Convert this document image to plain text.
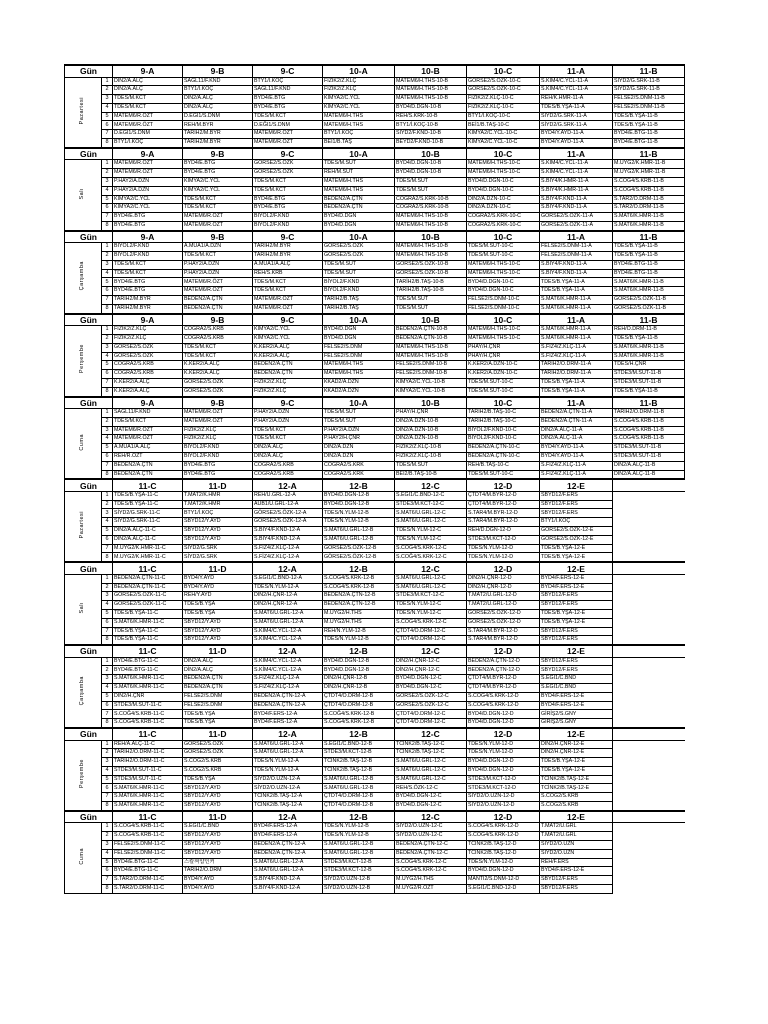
Gün		9-A	9-B	9-C	10-A	10-B	10-C	11-A	11-B
Pazartesi	1	DİN2/A.ALÇ	SAĞL11/F.KND	BTY1/İ.KOÇ	FİZİK2/Z.KLÇ	MATEM6/H.THS-10-B	GÖRSE2/S.ÖZK-10-C	S.KİM4/C.YCL-11-A	SİYD2/G.SRK-11-B
	2	DİN2/A.ALÇ	BTY1/İ.KOÇ	SAĞL11/F.KND	FİZİK2/Z.KLÇ	MATEM6/H.THS-10-B	GÖRSE2/S.ÖZK-10-C	S.KİM4/C.YCL-11-A	SİYD2/G.SRK-11-B
	3	TDES/M.KCT	DİN2/A.ALÇ	BYD4/E.BTG	KİMYA2/C.YCL	MATEM6/H.THS-10-B	FİZİK2/Z.KLÇ-10-C	REH/K.HMR-11-A	FELSE2/S.DNM-11-B
	4	TDES/M.KCT	DİN2/A.ALÇ	BYD4/E.BTG	KİMYA2/C.YCL	BYD4/D.DGN-10-B	FİZİK2/Z.KLÇ-10-C	TDES/B.YŞA-11-A	FELSE2/S.DNM-11-B
	5	MATEM6/R.ÖZT	D.EĞI1/S.DNM	TDES/M.KCT	MATEM6/H.THS	REH/S.KRK-10-B	BTY1/İ.KOÇ-10-C	SİYD2/G.SRK-11-A	TDES/B.YŞA-11-B
	6	MATEM6/R.ÖZT	REH/M.BYR	D.EĞI1/S.DNM	MATEM6/H.THS	BTY1/İ.KOÇ-10-B	BEİ1/B.TAŞ-10-C	SİYD2/G.SRK-11-A	TDES/B.YŞA-11-B
	7	D.EĞI1/S.DNM	TARİH2/M.BYR	MATEM6/R.ÖZT	BTY1/İ.KOÇ	SİYD2/F.KND-10-B	KİMYA2/C.YCL-10-C	BYD4/Y.AYD-11-A	BYD4/E.BTG-11-B
	8	BTY1/İ.KOÇ	TARİH2/M.BYR	MATEM6/R.ÖZT	BEİ1/B.TAŞ	BEYD2/F.KND-10-B	KİMYA2/C.YCL-10-C	BYD4/Y.AYD-11-A	BYD4/E.BTG-11-B
Gün		9-A	9-B	9-C	10-A	10-B	10-C	11-A	11-B
Salı	1	MATEM6/R.ÖZT	BYD4/E.BTG	GÖRSE2/S.ÖZK	TDES/M.SUT	BYD4/D.DGN-10-B	MATEM6/H.THS-10-C	S.KİM4/C.YCL-11-A	M.UYG2/K.HMR-11-B
	2	MATEM6/R.ÖZT	BYD4/E.BTG	GÖRSE2/S.ÖZK	REH/M.SUT	BYD4/D.DGN-10-B	MATEM6/H.THS-10-C	S.KİM4/C.YCL-11-A	M.UYG2/K.HMR-11-B
	3	P.HAY2/A.DZN	KİMYA2/C.YCL	TDES/M.KCT	MATEM6/H.THS	TDES/M.SUT	BYD4/D.DGN-10-C	S.BİY4/K.HMR-11-A	S.COĞ4/S.KRB-11-B
	4	P.HAY2/A.DZN	KİMYA2/C.YCL	TDES/M.KCT	MATEM6/H.THS	TDES/M.SUT	BYD4/D.DGN-10-C	S.BİY4/K.HMR-11-A	S.COĞ4/S.KRB-11-B
	5	KİMYA2/C.YCL	TDES/M.KCT	BYD4/E.BTG	BEDEN2/A.ÇTN	COĞRA2/S.KRK-10-B	DİN2/A.DZN-10-C	S.BİY4/F.KND-11-A	S.TAR2/O.DRM-11-B
	6	KİMYA2/C.YCL	TDES/M.KCT	BYD4/E.BTG	BEDEN2/A.ÇTN	COĞRA2/S.KRK-10-B	DİN2/A.DZN-10-C	S.BİY4/F.KND-11-A	S.TAR2/O.DRM-11-B
	7	BYD4/E.BTG	MATEM6/R.ÖZT	BİYOL2/F.KND	BYD4/D.DGN	MATEM6/H.THS-10-B	COĞRA2/S.KRK-10-C	GÖRSE2/S.ÖZK-11-A	S.MAT6/K.HMR-11-B
	8	BYD4/E.BTG	MATEM6/R.ÖZT	BİYOL2/F.KND	BYD4/D.DGN	MATEM6/H.THS-10-B	COĞRA2/S.KRK-10-C	GÖRSE2/S.ÖZK-11-A	S.MAT6/K.HMR-11-B
Gün		9-A	9-B	9-C	10-A	10-B	10-C	11-A	11-B
Çarşamba	1	BİYOL2/F.KND	A.MUA1/A.DZN	TARİH2/M.BYR	GÖRSE2/S.ÖZK	MATEM6/H.THS-10-B	TDES/M.SUT-10-C	FELSE2/S.DNM-11-A	TDES/B.YŞA-11-B
	2	BİYOL2/F.KND	TDES/M.KCT	TARİH2/M.BYR	GÖRSE2/S.ÖZK	MATEM6/H.THS-10-B	TDES/M.SUT-10-C	FELSE2/S.DNM-11-A	TDES/B.YŞA-11-B
	3	TDES/M.KCT	P.HAY2/A.DZN	A.MUA1/A.ALÇ	TDES/M.SUT	GÖRSE2/S.ÖZK-10-B	MATEM6/H.THS-10-C	S.BİY4/F.KND-11-A	BYD4/E.BTG-11-B
	4	TDES/M.KCT	P.HAY2/A.DZN	REH/S.KRB	TDES/M.SUT	GÖRSE2/S.ÖZK-10-B	MATEM6/H.THS-10-C	S.BİY4/F.KND-11-A	BYD4/E.BTG-11-B
	5	BYD4/E.BTG	MATEM6/R.ÖZT	TDES/M.KCT	BİYOL2/F.KND	TARİH2/B.TAŞ-10-B	BYD4/D.DGN-10-C	TDES/B.YŞA-11-A	S.MAT6/K.HMR-11-B
	6	BYD4/E.BTG	MATEM6/R.ÖZT	TDES/M.KCT	BİYOL2/F.KND	TARİH2/B.TAŞ-10-B	BYD4/D.DGN-10-C	TDES/B.YŞA-11-A	S.MAT6/K.HMR-11-B
	7	TARİH2/M.BYR	BEDEN2/A.ÇTN	MATEM6/R.ÖZT	TARİH2/B.TAŞ	TDES/M.SUT	FELSE2/S.DNM-10-C	S.MAT6/K.HMR-11-A	GÖRSE2/S.ÖZK-11-B
	8	TARİH2/M.BYR	BEDEN2/A.ÇTN	MATEM6/R.ÖZT	TARİH2/B.TAŞ	TDES/M.SUT	FELSE2/S.DNM-10-C	S.MAT6/K.HMR-11-A	GÖRSE2/S.ÖZK-11-B
Gün		9-A	9-B	9-C	10-A	10-B	10-C	11-A	11-B
Perşembe	1	FİZİK2/Z.KLÇ	COĞRA2/S.KRB	KİMYA2/C.YCL	BYD4/D.DGN	BEDEN2/A.ÇTN-10-B	MATEM6/H.THS-10-C	S.MAT6/K.HMR-11-A	REH/O.DRM-11-B
	2	FİZİK2/Z.KLÇ	COĞRA2/S.KRB	KİMYA2/C.YCL	BYD4/D.DGN	BEDEN2/A.ÇTN-10-B	MATEM6/H.THS-10-C	S.MAT6/K.HMR-11-A	TDES/B.YŞA-11-B
	3	GÖRSE2/S.ÖZK	TDES/M.KCT	K.KER2/A.ALÇ	FELSE2/S.DNM	MATEM6/H.THS-10-B	PHAY/H.ÇNR	S.FİZ4/Z.KLÇ-11-A	S.MAT6/K.HMR-11-B
	4	GÖRSE2/S.ÖZK	TDES/M.KCT	K.KER2/A.ALÇ	FELSE2/S.DNM	MATEM6/H.THS-10-B	PHAY/H.ÇNR	S.FİZ4/Z.KLÇ-11-A	S.MAT6/K.HMR-11-B
	5	COĞRA2/S.KRB	K.KER2/A.ALÇ	BEDEN2/A.ÇTN	MATEM6/H.THS	FELSE2/S.DNM-10-B	K.KER2/A.DZN-10-C	TARİH2/O.DRM-11-A	TDES/H.ÇNR
	6	COĞRA2/S.KRB	K.KER2/A.ALÇ	BEDEN2/A.ÇTN	MATEM6/H.THS	FELSE2/S.DNM-10-B	K.KER2/A.DZN-10-C	TARİH2/O.DRM-11-A	STDE3/M.SUT-11-B
	7	K.KER2/A.ALÇ	GÖRSE2/S.ÖZK	FİZİK2/Z.KLÇ	KKAD2/A.DZN	KİMYA2/C.YCL-10-B	TDES/M.SUT-10-C	TDES/B.YŞA-11-A	STDE3/M.SUT-11-B
	8	K.KER2/A.ALÇ	GÖRSE2/S.ÖZK	FİZİK2/Z.KLÇ	KKAD2/A.DZN	KİMYA2/C.YCL-10-B	TDES/M.SUT-10-C	TDES/B.YŞA-11-A	TDES/B.YŞA-11-B
Gün		9-A	9-B	9-C	10-A	10-B	10-C	11-A	11-B
Cuma	1	SAĞL11/F.KND	MATEM6/R.ÖZT	P.HAY2/A.DZN	TDES/M.SUT	PHAY/H.ÇNR	TARİH2/B.TAŞ-10-C	BEDEN2/A.ÇTN-11-A	TARİH2/O.DRM-11-B
	2	TDES/M.KCT	MATEM6/R.ÖZT	P.HAY2/A.DZN	TDES/M.SUT	DİN2/A.DZN-10-B	TARİH2/B.TAŞ-10-C	BEDEN2/A.ÇTN-11-A	S.COĞ4/S.KRB-11-B
	3	MATEM6/R.ÖZT	FİZİK2/Z.KLÇ	TDES/M.KCT	P.HAY2/A.DZN	DİN2/A.DZN-10-B	BİYOL2/F.KND-10-C	DİN2/A.ALÇ-11-A	S.COĞ4/S.KRB-11-B
	4	MATEM6/R.ÖZT	FİZİK2/Z.KLÇ	TDES/M.KCT	P.HAY2/H.ÇNR	DİN2/A.DZN-10-B	BİYOL2/F.KND-10-C	DİN2/A.ALÇ-11-A	S.COĞ4/S.KRB-11-B
	5	A.MUA1/A.ALÇ	BİYOL2/F.KND	DİN2/A.ALÇ	DİN2/A.DZN	FİZİK2/Z.KLÇ-10-B	BEDEN2/A.ÇTN-10-C	BYD4/Y.AYD-11-A	STDE3/M.SUT-11-B
	6	REH/R.ÖZT	BİYOL2/F.KND	DİN2/A.ALÇ	DİN2/A.DZN	FİZİK2/Z.KLÇ-10-B	BEDEN2/A.ÇTN-10-C	BYD4/Y.AYD-11-A	STDE3/M.SUT-11-B
	7	BEDEN2/A.ÇTN	BYD4/E.BTG	COĞRA2/S.KRB	COĞRA2/S.KRK	TDES/M.SUT	REH/B.TAŞ-10-C	S.FİZ4/Z.KLÇ-11-A	DİN2/A.ALÇ-11-B
	8	BEDEN2/A.ÇTN	BYD4/E.BTG	COĞRA2/S.KRB	COĞRA2/S.KRK	BEİ2/B.TAŞ-10-B	TDES/M.SUT-10-C	S.FİZ4/Z.KLÇ-11-A	DİN2/A.ALÇ-11-B
Gün		11-C	11-D	12-A	12-B	12-C	12-D	12-E	
Pazartesi	1	TDES/B.YŞA-11-C	T.MAT2/K.HMR	REH/U.GRL-12-A	BYD4/D.DGN-12-B	S.EĞI1/C.BND-12-C	ÇTDT4/M.BYR-12-D	SBYD12/F.ERS	
	2	TDES/B.YŞA-11-C	T.MAT2/K.HMR	AUB1/U.GRL-12-A	BYD4/D.DGN-12-B	STDE3/M.KCT-12-C	ÇTDT4/M.BYR-12-D	SBYD12/F.ERS	
	3	SİYD2/G.SRK-11-C	BTY1/İ.KOÇ	GÖRSE2/S.ÖZK-12-A	TDES/N.YLM-12-B	S.MAT6/U.GRL-12-C	S.TAR4/M.BYR-12-D	SBYD12/F.ERS	
	4	SİYD2/G.SRK-11-C	SBYD12/Y.AYD	GÖRSE2/S.ÖZK-12-A	TDES/N.YLM-12-B	S.MAT6/U.GRL-12-C	S.TAR4/M.BYR-12-D	BTY1/İ.KOÇ	
	5	DİN2/A.ALÇ-11-C	SBYD12/Y.AYD	S.BİY4/F.KND-12-A	S.MAT6/U.GRL-12-B	TDES/N.YLM-12-C	REH/D.DGN-12-D	GÖRSE2/S.ÖZK-12-E	
	6	DİN2/A.ALÇ-11-C	SBYD12/Y.AYD	S.BİY4/F.KND-12-A	S.MAT6/U.GRL-12-B	TDES/N.YLM-12-C	STDE3/M.KCT-12-D	GÖRSE2/S.ÖZK-12-E	
	7	M.UYG2/K.HMR-11-C	SİYD2/G.SRK	S.FİZ4/Z.KLÇ-12-A	GÖRSE2/S.ÖZK-12-B	S.COĞ4/S.KRK-12-C	TDES/N.YLM-12-D	TDES/B.YŞA-12-E	
	8	M.UYG2/K.HMR-11-C	SİYD2/G.SRK	S.FİZ4/Z.KLÇ-12-A	GÖRSE2/S.ÖZK-12-B	S.COĞ4/S.KRK-12-C	TDES/N.YLM-12-D	TDES/B.YŞA-12-E	
Gün		11-C	11-D	12-A	12-B	12-C	12-D	12-E	
Salı	1	BEDEN2/A.ÇTN-11-C	BYD4/Y.AYD	S.EĞI1/C.BND-12-A	S.COĞ4/S.KRK-12-B	S.MAT6/U.GRL-12-C	DİN2/H.ÇNR-12-D	BYD4/F.ERS-12-E	
	2	BEDEN2/A.ÇTN-11-C	BYD4/Y.AYD	TDES/N.YLM-12-A	S.COĞ4/S.KRK-12-B	S.MAT6/U.GRL-12-C	DİN2/H.ÇNR-12-D	BYD4/F.ERS-12-E	
	3	GÖRSE2/S.ÖZK-11-C	REH/Y.AYD	DİN2/H.ÇNR-12-A	BEDEN2/A.ÇTN-12-B	STDE3/M.KCT-12-C	T.MAT2/U.GRL-12-D	SBYD12/F.ERS	
	4	GÖRSE2/S.ÖZK-11-C	TDES/B.YŞA	DİN2/H.ÇNR-12-A	BEDEN2/A.ÇTN-12-B	TDES/N.YLM-12-C	T.MAT2/U.GRL-12-D	SBYD12/F.ERS	
	5	TDES/B.YŞA-11-C	TDES/B.YŞA	S.MAT6/U.GRL-12-A	M.UYG2/H.THS	TDES/N.YLM-12-C	GÖRSE2/S.ÖZK-12-D	TDES/B.YŞA-12-E	
	6	S.MAT6/K.HMR-11-C	SBYD12/Y.AYD	S.MAT6/U.GRL-12-A	M.UYG2/H.THS	S.COĞ4/S.KRK-12-C	GÖRSE2/S.ÖZK-12-D	TDES/B.YŞA-12-E	
	7	TDES/B.YŞA-11-C	SBYD12/Y.AYD	S.KİM4/C.YCL-12-A	REH/N.YLM-12-B	ÇTDT4/O.DRM-12-C	S.TAR4/M.BYR-12-D	SBYD12/F.ERS	
	8	TDES/B.YŞA-11-C	SBYD12/Y.AYD	S.KİM4/C.YCL-12-A	TDES/N.YLM-12-B	ÇTDT4/O.DRM-12-C	S.TAR4/M.BYR-12-D	SBYD12/F.ERS	
Gün		11-C	11-D	12-A	12-B	12-C	12-D	12-E	
Çarşamba	1	BYD4/E.BTG-11-C	DİN2/A.ALÇ	S.KİM4/C.YCL-12-A	BYD4/D.DGN-12-B	DİN2/H.ÇNR-12-C	BEDEN2/A.ÇTN-12-D	SBYD12/F.ERS	
	2	BYD4/E.BTG-11-C	DİN2/A.ALÇ	S.KİM4/C.YCL-12-A	BYD4/D.DGN-12-B	DİN2/H.ÇNR-12-C	BEDEN2/A.ÇTN-12-D	SBYD12/F.ERS	
	3	S.MAT6/K.HMR-11-C	BEDEN2/A.ÇTN	S.FİZ4/Z.KLÇ-12-A	DİN2/H.ÇNR-12-B	BYD4/D.DGN-12-C	ÇTDT4/M.BYR-12-D	S.EĞI1/C.BND	
	4	S.MAT6/K.HMR-11-C	BEDEN2/A.ÇTN	S.FİZ4/Z.KLÇ-12-A	DİN2/H.ÇNR-12-B	BYD4/D.DGN-12-C	ÇTDT4/M.BYR-12-D	S.EĞI1/C.BND	
	5	DİN2/H.ÇNR	FELSE2/S.DNM	BEDEN2/A.ÇTN-12-A	ÇTDT4/O.DRM-12-B	GÖRSE2/S.ÖZK-12-C	S.COĞ4/S.KRK-12-D	BYD4/F.ERS-12-E	
	6	STDE3/M.SUT-11-C	FELSE2/S.DNM	BEDEN2/A.ÇTN-12-A	ÇTDT4/O.DRM-12-B	GÖRSE2/S.ÖZK-12-C	S.COĞ4/S.KRK-12-D	BYD4/F.ERS-12-E	
	7	S.COĞ4/S.KRB-11-C	TDES/B.YŞA	BYD4/F.ERS-12-A	S.COĞ4/S.KRK-12-B	ÇTDT4/O.DRM-12-C	BYD4/D.DGN-12-D	GİRİŞ2/S.GNY	
	8	S.COĞ4/S.KRB-11-C	TDES/B.YŞA	BYD4/F.ERS-12-A	S.COĞ4/S.KRK-12-B	ÇTDT4/O.DRM-12-C	BYD4/D.DGN-12-D	GİRİŞ2/S.GNY	
Gün		11-C	11-D	12-A	12-B	12-C	12-D	12-E	
Perşembe	1	REH/A.ALÇ-11-C	GÖRSE2/S.ÖZK	S.MAT6/U.GRL-12-A	S.EĞI1/C.BND-12-B	TCİNK2/B.TAŞ-12-C	TDES/N.YLM-12-D	DİN2/H.ÇNR-12-E	
	2	TARİH2/O.DRM-11-C	GÖRSE2/S.ÖZK	S.MAT6/U.GRL-12-A	STDE3/M.KCT-12-B	TCİNK2/B.TAŞ-12-C	TDES/N.YLM-12-D	DİN2/H.ÇNR-12-E	
	3	TARİH2/O.DRM-11-C	S.COĞ2/S.KRB	TDES/N.YLM-12-A	TCİNK2/B.TAŞ-12-B	S.MAT6/U.GRL-12-C	BYD4/D.DGN-12-D	TDES/B.YŞA-12-E	
	4	STDE3/M.SUT-11-C	S.COĞ2/S.KRB	TDES/N.YLM-12-A	TCİNK2/B.TAŞ-12-B	S.MAT6/U.GRL-12-C	BYD4/D.DGN-12-D	TDES/B.YŞA-12-E	
	5	STDE3/M.SUT-11-C	TDES/B.YŞA	SİYD2/O.UZN-12-A	S.MAT6/U.GRL-12-B	S.MAT6/U.GRL-12-C	STDE3/M.KCT-12-D	TCİNK2/B.TAŞ-12-E	
	6	S.MAT6/K.HMR-11-C	SBYD12/Y.AYD	SİYD2/O.UZN-12-A	S.MAT6/U.GRL-12-B	REH/S.ÖZK-12-C	STDE3/M.KCT-12-D	TCİNK2/B.TAŞ-12-E	
	7	S.MAT6/K.HMR-11-C	SBYD12/Y.AYD	TCİNK2/B.TAŞ-12-A	ÇTDT4/O.DRM-12-B	BYD4/D.DGN-12-C	SİYD2/O.UZN-12-D	S.COĞ2/S.KRB	
	8	S.MAT6/K.HMR-11-C	SBYD12/Y.AYD	TCİNK2/B.TAŞ-12-A	ÇTDT4/O.DRM-12-B	BYD4/D.DGN-12-C	SİYD2/O.UZN-12-D	S.COĞ2/S.KRB	
Gün		11-C	11-D	12-A	12-B	12-C	12-D	12-E	
Cuma	1	S.COĞ4/S.KRB-11-C	S.EĞI1/C.BND	BYD4/F.ERS-12-A	TDES/N.YLM-12-B	SİYD2/O.UZN-12-C	S.COĞ4/S.KRK-12-D	T.MAT2/U.GRL	
	2	S.COĞ4/S.KRB-11-C	SBYD12/Y.AYD	BYD4/F.ERS-12-A	TDES/N.YLM-12-B	SİYD2/O.UZN-12-C	S.COĞ4/S.KRK-12-D	T.MAT2/U.GRL	
	3	FELSE2/S.DNM-11-C	SBYD12/Y.AYD	BEDEN2/A.ÇTN-12-A	S.MAT6/U.GRL-12-B	BEDEN2/A.ÇTN-12-C	TCİNK2/B.TAŞ-12-D	SİYD2/O.UZN	
	4	FELSE2/S.DNM-11-C	SBYD12/Y.AYD	BEDEN2/A.ÇTN-12-A	S.MAT6/U.GRL-12-B	BEDEN2/A.ÇTN-12-C	TCİNK2/B.TAŞ-12-D	SİYD2/O.UZN	
	5	BYD4/E.BTG-11-C	스칼쩌얍인커	S.MAT6/U.GRL-12-A	STDE3/M.KCT-12-B	S.COĞ4/S.KRK-12-C	TDES/N.YLM-12-D	REH/F.ERS	
	6	BYD4/E.BTG-11-C	TARİH2/O.DRM	S.MAT6/U.GRL-12-A	STDE3/M.KCT-12-B	S.COĞ4/S.KRK-12-C	BYD4/D.DGN-12-D	BYD4/F.ERS-12-E	
	7	S.TAR2/O.DRM-11-C	BYD4/Y.AYD	S.BİY4/F.KND-12-A	SİYD2/O.UZN-12-B	M.UYG2/H.THS	MANTI2/S.DNM-12-D	SBYD12/F.ERS	
	8	S.TAR2/O.DRM-11-C	BYD4/Y.AYD	S.BİY4/F.KND-12-A	SİYD2/O.UZN-12-B	M.UYG2/R.ÖZT	S.EĞI1/C.BND-12-D	SBYD12/F.ERS	
